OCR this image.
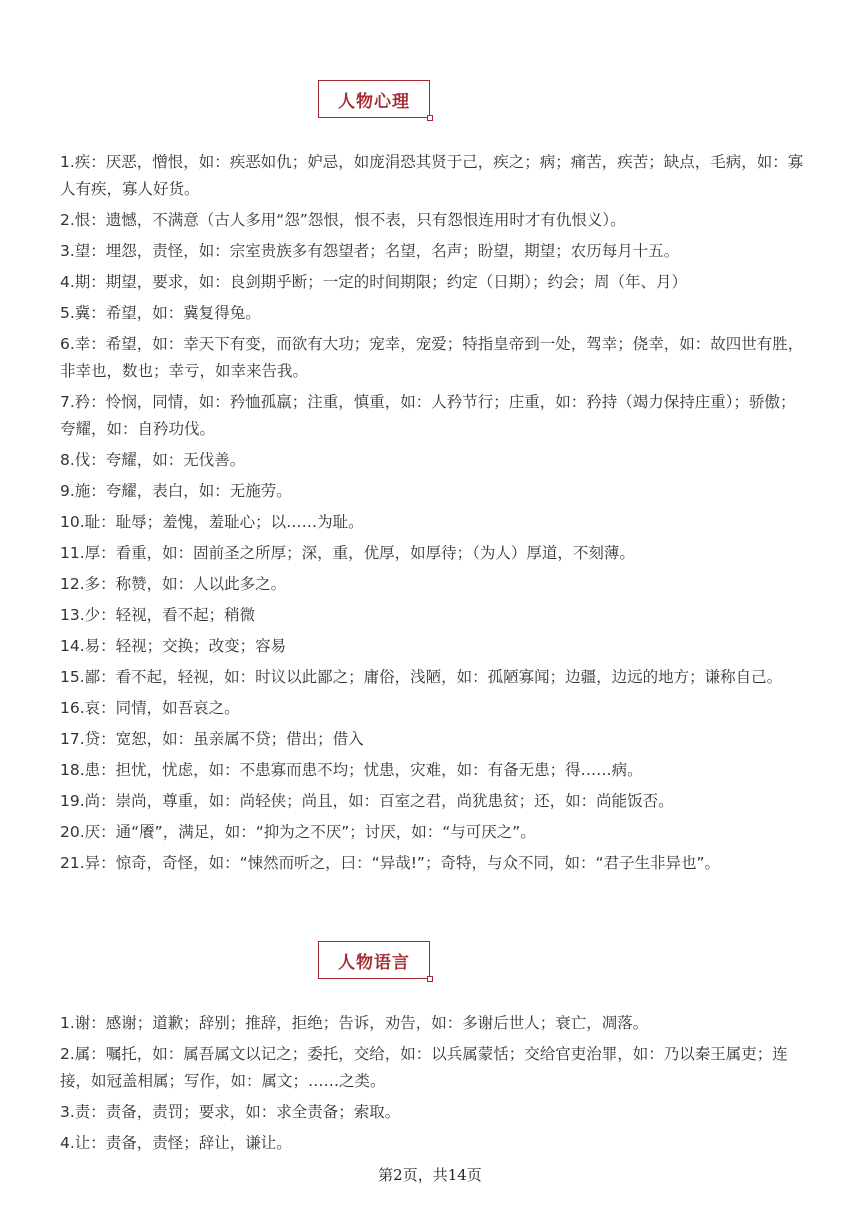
人物心理

1.疾：厌恶，憎恨，如：疾恶如仇；妒忌，如庞涓恐其贤于己，疾之；病；痛苦，疾苦；缺点，毛病，如：寡人有疾，寡人好货。

2.恨：遗憾，不满意（古人多用“怨”怨恨，恨不表，只有怨恨连用时才有仇恨义）。

3.望：埋怨，责怪，如：宗室贵族多有怨望者；名望，名声；盼望，期望；农历每月十五。

4.期：期望，要求，如：良剑期乎断；一定的时间期限；约定（日期）；约会；周（年、月）

5.冀：希望，如：冀复得兔。

6.幸：希望，如：幸天下有变，而欲有大功；宠幸，宠爱；特指皇帝到一处，驾幸；侥幸，如：故四世有胜，非幸也，数也；幸亏，如幸来告我。

7.矜：怜悯，同情，如：矜恤孤羸；注重，慎重，如：人矜节行；庄重，如：矜持（竭力保持庄重）；骄傲；夸耀，如：自矜功伐。

8.伐：夸耀，如：无伐善。

9.施：夸耀，表白，如：无施劳。

10.耻：耻辱；羞愧，羞耻心；以……为耻。

11.厚：看重，如：固前圣之所厚；深，重，优厚，如厚待；（为人）厚道，不刻薄。

12.多：称赞，如：人以此多之。

13.少：轻视，看不起；稍微

14.易：轻视；交换；改变；容易

15.鄙：看不起，轻视，如：时议以此鄙之；庸俗，浅陋，如：孤陋寡闻；边疆，边远的地方；谦称自己。

16.哀：同情，如吾哀之。

17.贷：宽恕，如：虽亲属不贷；借出；借入

18.患：担忧，忧虑，如：不患寡而患不均；忧患，灾难，如：有备无患；得……病。

19.尚：崇尚，尊重，如：尚轻侠；尚且，如：百室之君，尚犹患贫；还，如：尚能饭否。

20.厌：通“餍”，满足，如：“抑为之不厌”；讨厌，如：“与可厌之”。

21.异：惊奇，奇怪，如：“悚然而听之，曰：“异哉!”；奇特，与众不同，如：“君子生非异也”。

人物语言

1.谢：感谢；道歉；辞别；推辞，拒绝；告诉，劝告，如：多谢后世人；衰亡，凋落。

2.属：嘱托，如：属吾属文以记之；委托，交给，如：以兵属蒙恬；交给官吏治罪，如：乃以秦王属吏；连接，如冠盖相属；写作，如：属文；……之类。

3.责：责备，责罚；要求，如：求全责备；索取。

4.让：责备，责怪；辞让，谦让。

第2页，共14页
